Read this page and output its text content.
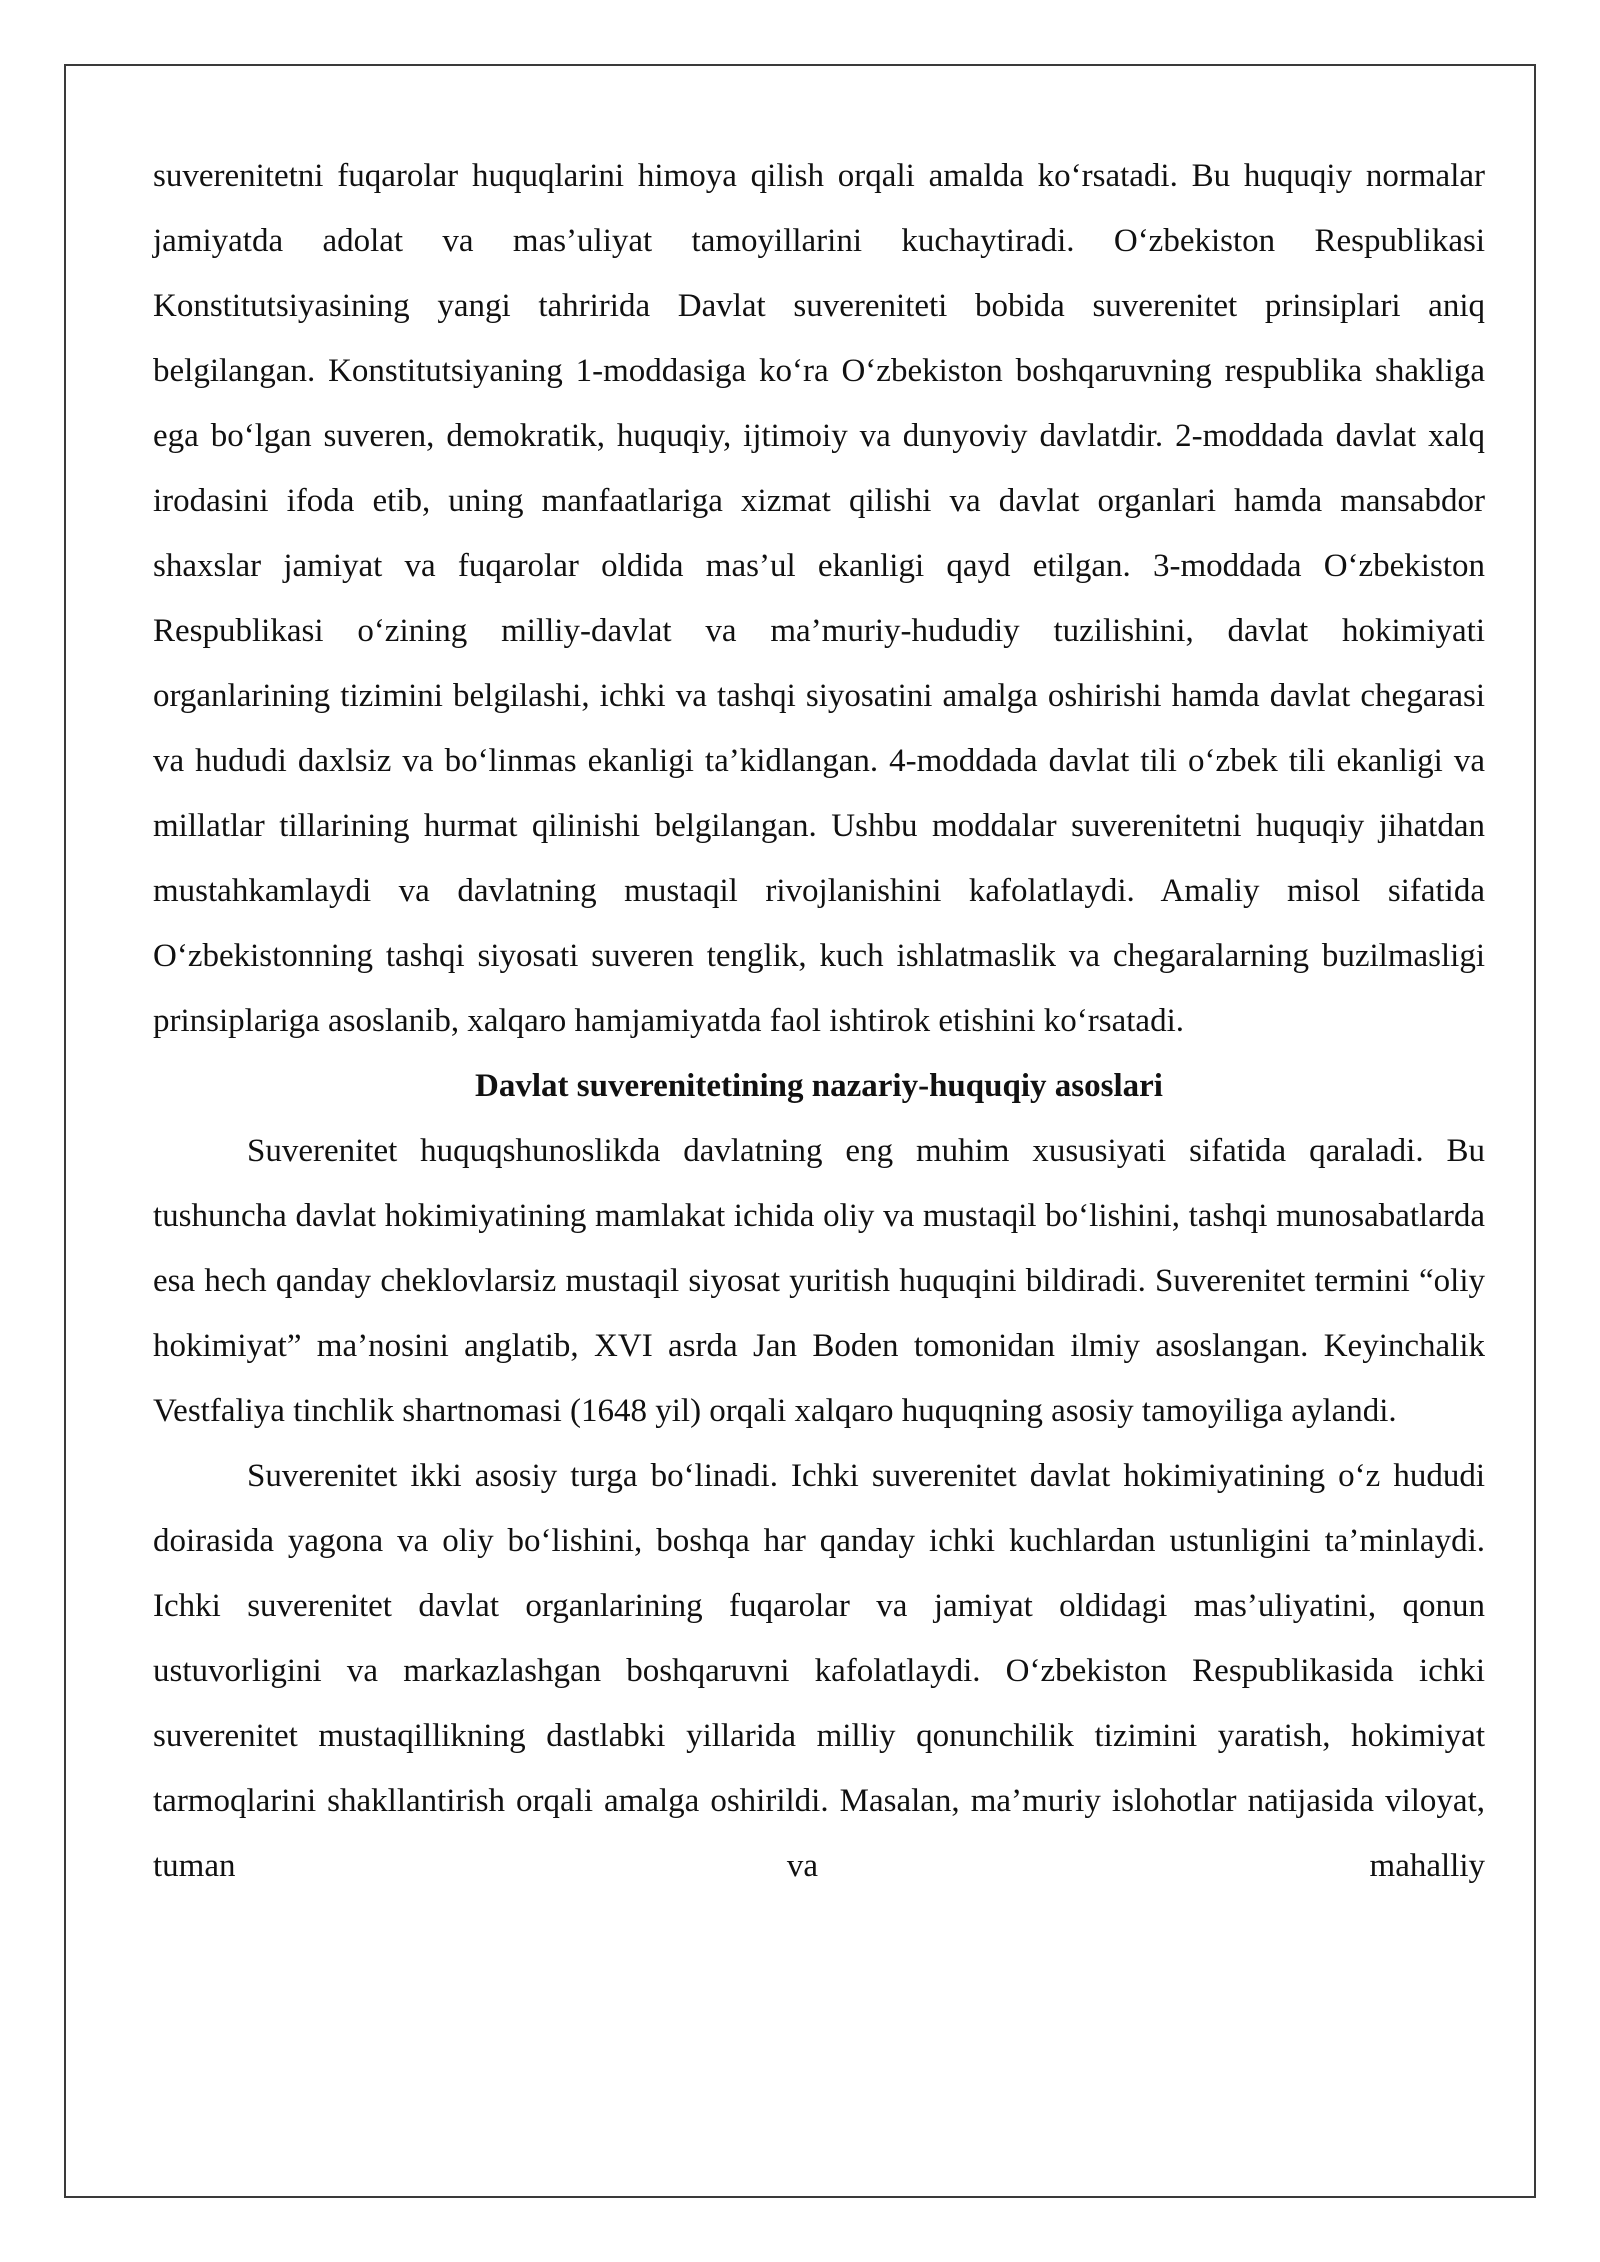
suverenitetni fuqarolar huquqlarini himoya qilish orqali amalda ko‘rsatadi. Bu huquqiy normalar jamiyatda adolat va mas’uliyat tamoyillarini kuchaytiradi. O‘zbekiston Respublikasi Konstitutsiyasining yangi tahririda Davlat suvereniteti bobida suverenitet prinsiplari aniq belgilangan. Konstitutsiyaning 1-moddasiga ko‘ra O‘zbekiston boshqaruvning respublika shakliga ega bo‘lgan suveren, demokratik, huquqiy, ijtimoiy va dunyoviy davlatdir. 2-moddada davlat xalq irodasini ifoda etib, uning manfaatlariga xizmat qilishi va davlat organlari hamda mansabdor shaxslar jamiyat va fuqarolar oldida mas’ul ekanligi qayd etilgan. 3-moddada O‘zbekiston Respublikasi o‘zining milliy-davlat va ma’muriy-hududiy tuzilishini, davlat hokimiyati organlarining tizimini belgilashi, ichki va tashqi siyosatini amalga oshirishi hamda davlat chegarasi va hududi daxlsiz va bo‘linmas ekanligi ta’kidlangan. 4-moddada davlat tili o‘zbek tili ekanligi va millatlar tillarining hurmat qilinishi belgilangan. Ushbu moddalar suverenitetni huquqiy jihatdan mustahkamlaydi va davlatning mustaqil rivojlanishini kafolatlaydi. Amaliy misol sifatida O‘zbekistonning tashqi siyosati suveren tenglik, kuch ishlatmaslik va chegaralarning buzilmasligi prinsiplariga asoslanib, xalqaro hamjamiyatda faol ishtirok etishini ko‘rsatadi.

Davlat suverenitetining nazariy-huquqiy asoslari

Suverenitet huquqshunoslikda davlatning eng muhim xususiyati sifatida qaraladi. Bu tushuncha davlat hokimiyatining mamlakat ichida oliy va mustaqil bo‘lishini, tashqi munosabatlarda esa hech qanday cheklovlarsiz mustaqil siyosat yuritish huquqini bildiradi. Suverenitet termini “oliy hokimiyat” ma’nosini anglatib, XVI asrda Jan Boden tomonidan ilmiy asoslangan. Keyinchalik Vestfaliya tinchlik shartnomasi (1648 yil) orqali xalqaro huquqning asosiy tamoyiliga aylandi.

Suverenitet ikki asosiy turga bo‘linadi. Ichki suverenitet davlat hokimiyatining o‘z hududi doirasida yagona va oliy bo‘lishini, boshqa har qanday ichki kuchlardan ustunligini ta’minlaydi. Ichki suverenitet davlat organlarining fuqarolar va jamiyat oldidagi mas’uliyatini, qonun ustuvorligini va markazlashgan boshqaruvni kafolatlaydi. O‘zbekiston Respublikasida ichki suverenitet mustaqillikning dastlabki yillarida milliy qonunchilik tizimini yaratish, hokimiyat tarmoqlarini shakllantirish orqali amalga oshirildi. Masalan, ma’muriy islohotlar natijasida viloyat, tuman va mahalliy
